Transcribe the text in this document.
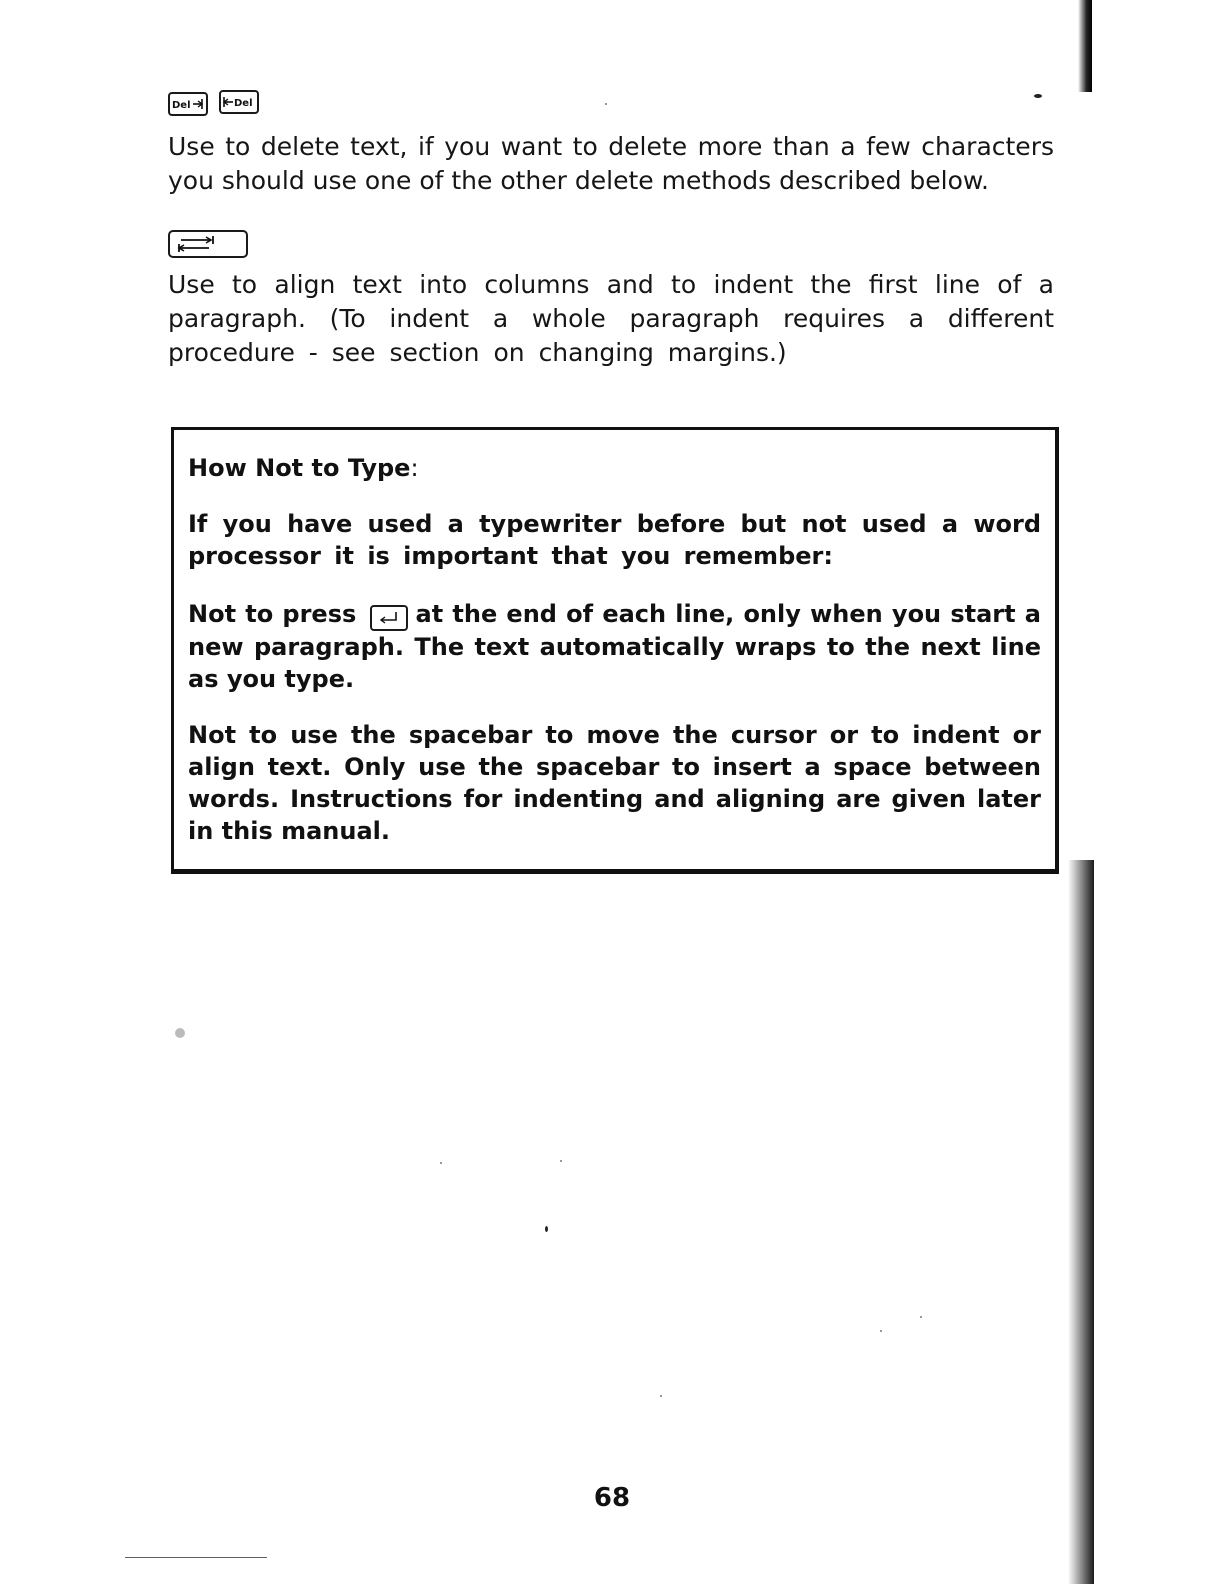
Del	Del

Use to delete text, if you want to delete more than a few characters you should use one of the other delete methods described below.

Use to align text into columns and to indent the first line of a paragraph. (To indent a whole paragraph requires a different procedure - see section on changing margins.)

How Not to Type:

If you have used a typewriter before but not used a word processor it is important that you remember:

Not to press at the end of each line, only when you start a new paragraph. The text automatically wraps to the next line as you type.

Not to use the spacebar to move the cursor or to indent or align text. Only use the spacebar to insert a space between words. Instructions for indenting and aligning are given later in this manual.

68
